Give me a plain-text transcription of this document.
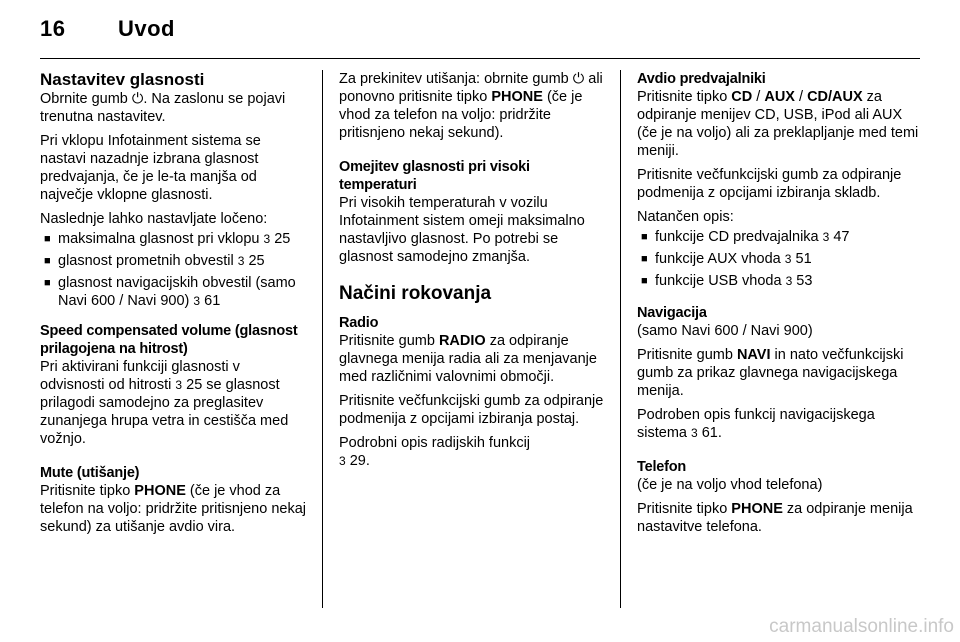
16 Uvod
Nastavitev glasnosti

Obrnite gumb ⏻. Na zaslonu se pojavi trenutna nastavitev.

Pri vklopu Infotainment sistema se nastavi nazadnje izbrana glasnost predvajanja, če je le-ta manjša od največje vklopne glasnosti.

Naslednje lahko nastavljate ločeno:

■ maksimalna glasnost pri vklopu 3 25
■ glasnost prometnih obvestil 3 25
■ glasnost navigacijskih obvestil (samo Navi 600 / Navi 900) 3 61
Speed compensated volume (glasnost prilagojena na hitrost)

Pri aktivirani funkciji glasnosti v odvisnosti od hitrosti 3 25 se glasnost prilagodi samodejno za preglasitev zunanjega hrupa vetra in cestišča med vožnjo.

Mute (utišanje)

Pritisnite tipko PHONE (če je vhod za telefon na voljo: pridržite pritisnjeno nekaj sekund) za utišanje avdio vira.

Za prekinitev utišanja: obrnite gumb ⏻ ali ponovno pritisnite tipko PHONE (če je vhod za telefon na voljo: pridržite pritisnjeno nekaj sekund).

Omejitev glasnosti pri visoki temperaturi

Pri visokih temperaturah v vozilu Infotainment sistem omeji maksimalno nastavljivo glasnost. Po potrebi se glasnost samodejno zmanjša.

Načini rokovanja
Radio

Pritisnite gumb RADIO za odpiranje glavnega menija radia ali za menjavanje med različnimi valovnimi območji.

Pritisnite večfunkcijski gumb za odpiranje podmenija z opcijami izbiranja postaj.

Podrobni opis radijskih funkcij
3 29.

Avdio predvajalniki

Pritisnite tipko CD / AUX / CD/AUX za odpiranje menijev CD, USB, iPod ali AUX (če je na voljo) ali za preklapljanje med temi meniji.

Pritisnite večfunkcijski gumb za odpiranje podmenija z opcijami izbiranja skladb.

Natančen opis:

■ funkcije CD predvajalnika 3 47
■ funkcije AUX vhoda 3 51
■ funkcije USB vhoda 3 53
Navigacija

(samo Navi 600 / Navi 900)

Pritisnite gumb NAVI in nato večfunkcijski gumb za prikaz glavnega navigacijskega menija.

Podroben opis funkcij navigacijskega sistema 3 61.

Telefon

(če je na voljo vhod telefona)

Pritisnite tipko PHONE za odpiranje menija nastavitve telefona.

carmanualsonline.info
